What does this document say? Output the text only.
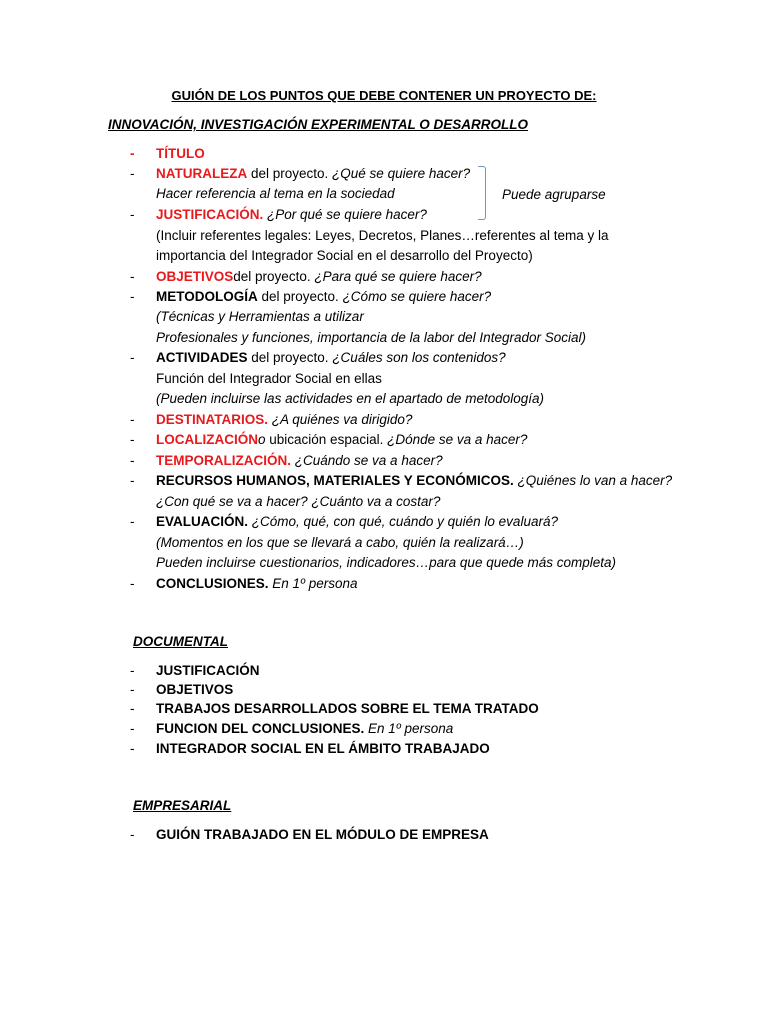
GUIÓN DE LOS PUNTOS QUE DEBE CONTENER UN PROYECTO DE:
INNOVACIÓN, INVESTIGACIÓN EXPERIMENTAL O DESARROLLO
- TÍTULO
- NATURALEZA del proyecto. ¿Qué se quiere hacer?
Hacer referencia al tema en la sociedad	Puede agruparse
- JUSTIFICACIÓN. ¿Por qué se quiere hacer?
(Incluir referentes legales: Leyes, Decretos, Planes…referentes al tema y la
importancia del Integrador Social en el desarrollo del Proyecto)
- OBJETIVOSdel proyecto. ¿Para qué se quiere hacer?
- METODOLOGÍA del proyecto. ¿Cómo se quiere hacer?
(Técnicas y Herramientas a utilizar
Profesionales y funciones, importancia de la labor del Integrador Social)
- ACTIVIDADES del proyecto. ¿Cuáles son los contenidos?
Función del Integrador Social en ellas
(Pueden incluirse las actividades en el apartado de metodología)
- DESTINATARIOS. ¿A quiénes va dirigido?
- LOCALIZACIÓNo ubicación espacial. ¿Dónde se va a hacer?
- TEMPORALIZACIÓN. ¿Cuándo se va a hacer?
- RECURSOS HUMANOS, MATERIALES Y ECONÓMICOS. ¿Quiénes lo van a hacer?
¿Con qué se va a hacer? ¿Cuánto va a costar?
- EVALUACIÓN. ¿Cómo, qué, con qué, cuándo y quién lo evaluará?
(Momentos en los que se llevará a cabo, quién la realizará…)
Pueden incluirse cuestionarios, indicadores…para que quede más completa)
- CONCLUSIONES. En 1º persona
DOCUMENTAL
- JUSTIFICACIÓN
- OBJETIVOS
- TRABAJOS DESARROLLADOS SOBRE EL TEMA TRATADO
- FUNCION DEL CONCLUSIONES. En 1º persona
- INTEGRADOR SOCIAL EN EL ÁMBITO TRABAJADO
EMPRESARIAL
- GUIÓN TRABAJADO EN EL MÓDULO DE EMPRESA
